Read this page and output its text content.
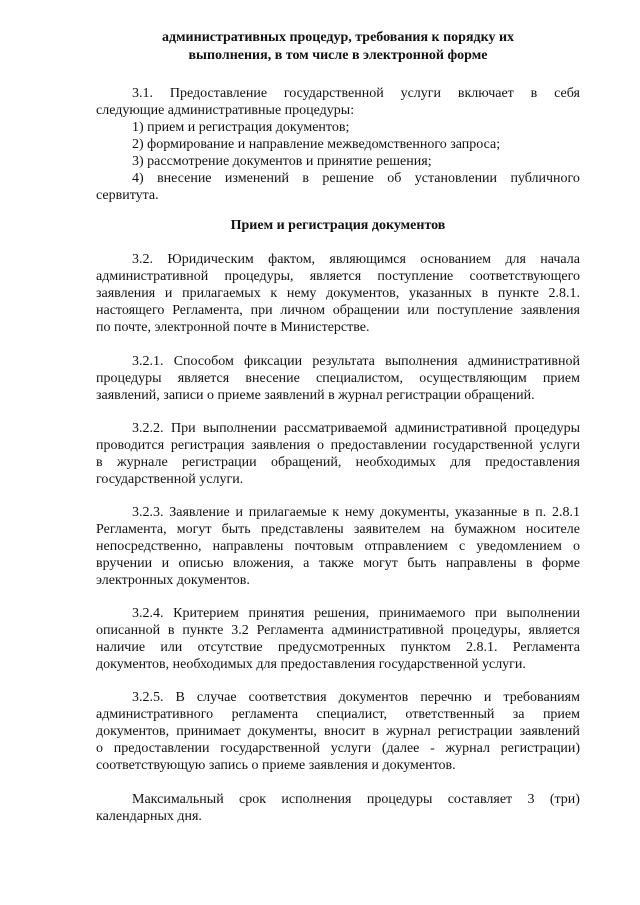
административных процедур, требования к порядку их
выполнения, в том числе в электронной форме
3.1. Предоставление государственной услуги включает в себя
следующие административные процедуры:
1) прием и регистрация документов;
2) формирование и направление межведомственного запроса;
3) рассмотрение документов и принятие решения;
4) внесение изменений в решение об установлении публичного
сервитута.
Прием и регистрация документов
3.2. Юридическим фактом, являющимся основанием для начала
административной процедуры, является поступление соответствующего
заявления и прилагаемых к нему документов, указанных в пункте 2.8.1.
настоящего Регламента, при личном обращении или поступление заявления
по почте, электронной почте в Министерстве.
3.2.1. Способом фиксации результата выполнения административной
процедуры является внесение специалистом, осуществляющим прием
заявлений, записи о приеме заявлений в журнал регистрации обращений.
3.2.2. При выполнении рассматриваемой административной процедуры
проводится регистрация заявления о предоставлении государственной услуги
в журнале регистрации обращений, необходимых для предоставления
государственной услуги.
3.2.3. Заявление и прилагаемые к нему документы, указанные в п. 2.8.1
Регламента, могут быть представлены заявителем на бумажном носителе
непосредственно, направлены почтовым отправлением с уведомлением о
вручении и описью вложения, а также могут быть направлены в форме
электронных документов.
3.2.4. Критерием принятия решения, принимаемого при выполнении
описанной в пункте 3.2 Регламента административной процедуры, является
наличие или отсутствие предусмотренных пунктом 2.8.1. Регламента
документов, необходимых для предоставления государственной услуги.
3.2.5. В случае соответствия документов перечню и требованиям
административного регламента специалист, ответственный за прием
документов, принимает документы, вносит в журнал регистрации заявлений
о предоставлении государственной услуги (далее - журнал регистрации)
соответствующую запись о приеме заявления и документов.
Максимальный срок исполнения процедуры составляет 3 (три)
календарных дня.
